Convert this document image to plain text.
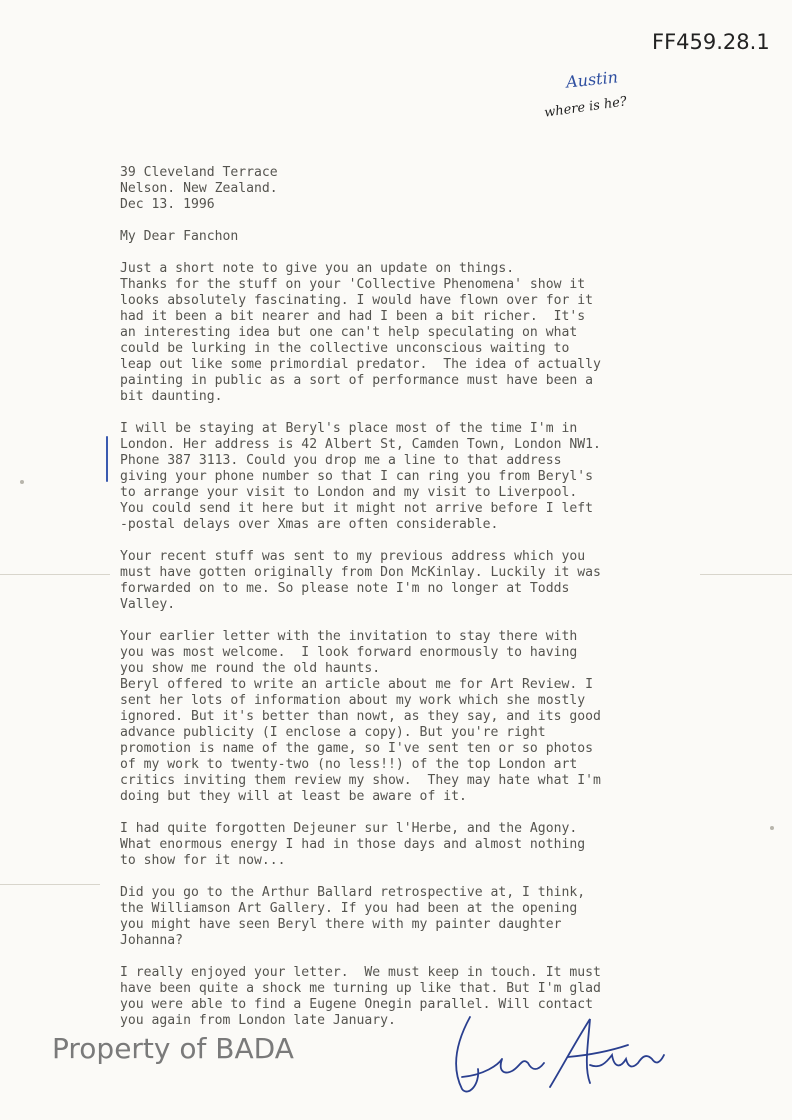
FF459.28.1
Austin
where is he?
39 Cleveland Terrace
Nelson. New Zealand.
Dec 13. 1996
My Dear Fanchon
Just a short note to give you an update on things.
Thanks for the stuff on your 'Collective Phenomena' show it
looks absolutely fascinating. I would have flown over for it
had it been a bit nearer and had I been a bit richer.  It's
an interesting idea but one can't help speculating on what
could be lurking in the collective unconscious waiting to
leap out like some primordial predator.  The idea of actually
painting in public as a sort of performance must have been a
bit daunting.
I will be staying at Beryl's place most of the time I'm in
London. Her address is 42 Albert St, Camden Town, London NW1.
Phone 387 3113. Could you drop me a line to that address
giving your phone number so that I can ring you from Beryl's
to arrange your visit to London and my visit to Liverpool.
You could send it here but it might not arrive before I left
-postal delays over Xmas are often considerable.
Your recent stuff was sent to my previous address which you
must have gotten originally from Don McKinlay. Luckily it was
forwarded on to me. So please note I'm no longer at Todds
Valley.
Your earlier letter with the invitation to stay there with
you was most welcome.  I look forward enormously to having
you show me round the old haunts.
Beryl offered to write an article about me for Art Review. I
sent her lots of information about my work which she mostly
ignored. But it's better than nowt, as they say, and its good
advance publicity (I enclose a copy). But you're right
promotion is name of the game, so I've sent ten or so photos
of my work to twenty-two (no less!!) of the top London art
critics inviting them review my show.  They may hate what I'm
doing but they will at least be aware of it.
I had quite forgotten Dejeuner sur l'Herbe, and the Agony.
What enormous energy I had in those days and almost nothing
to show for it now...
Did you go to the Arthur Ballard retrospective at, I think,
the Williamson Art Gallery. If you had been at the opening
you might have seen Beryl there with my painter daughter
Johanna?
I really enjoyed your letter.  We must keep in touch. It must
have been quite a shock me turning up like that. But I'm glad
you were able to find a Eugene Onegin parallel. Will contact
you again from London late January.
Property of BADA
